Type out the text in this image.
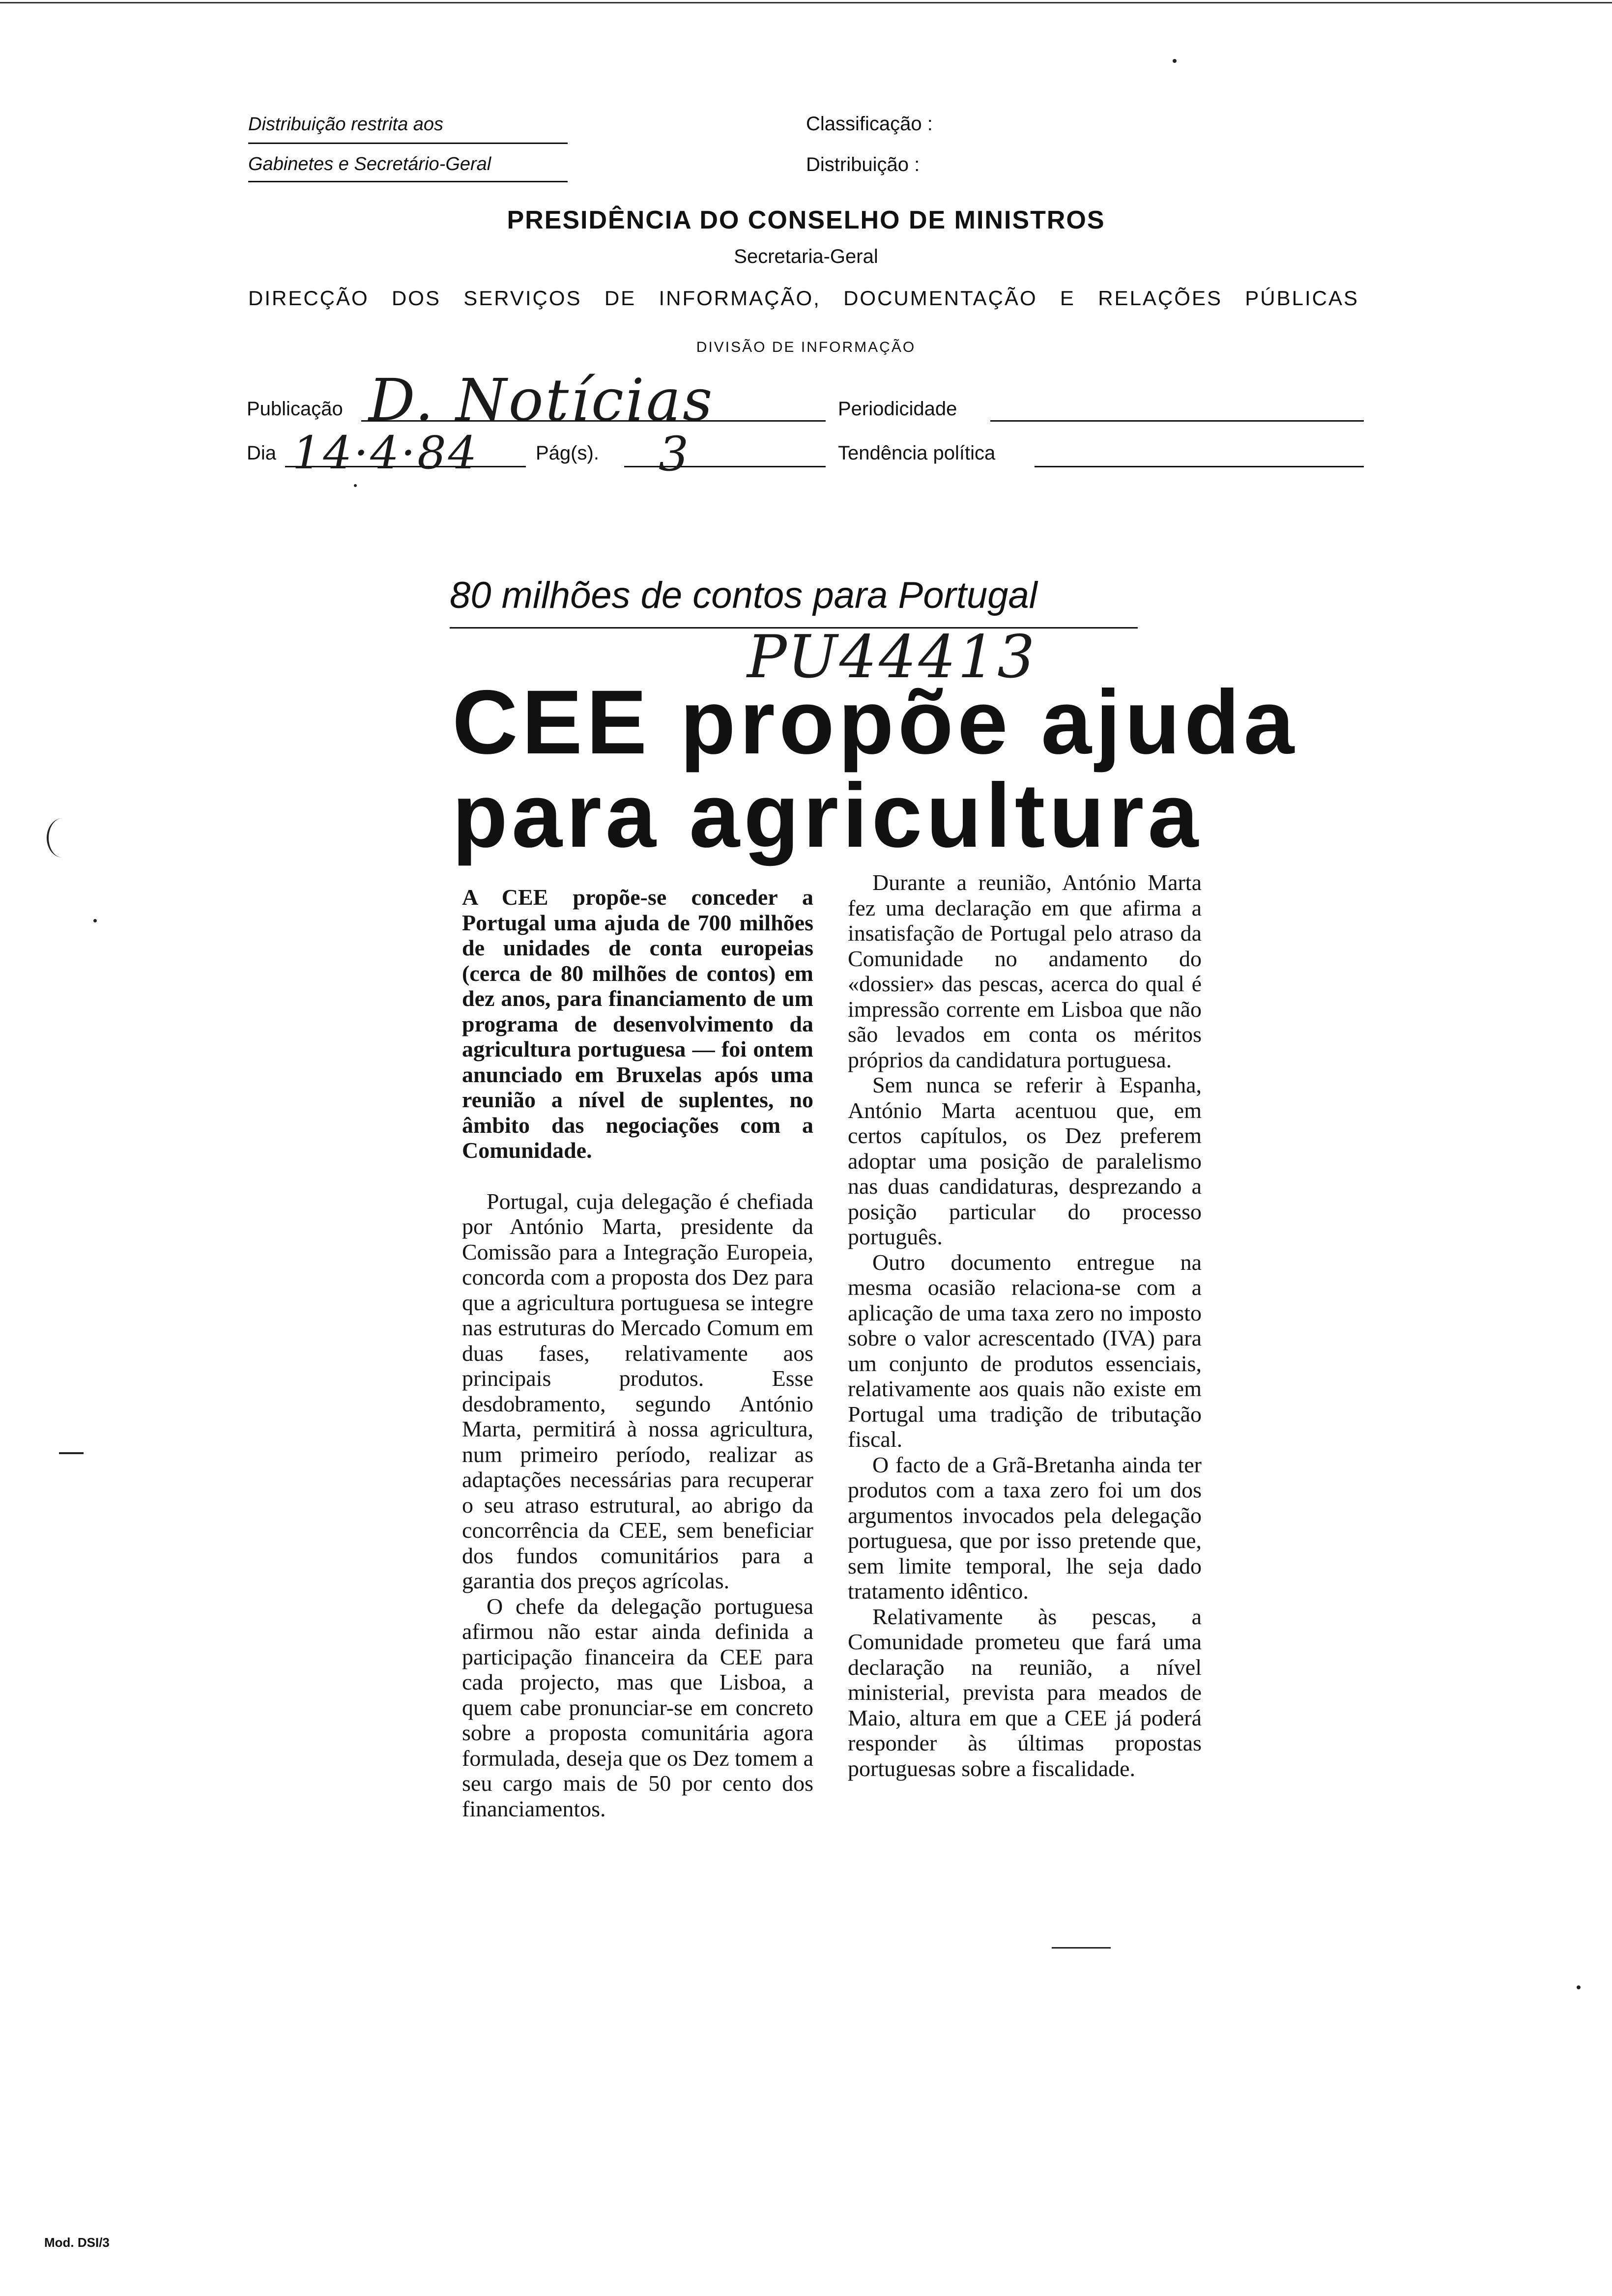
Distribuição restrita aos
Gabinetes e Secretário-Geral
Classificação :
Distribuição :
PRESIDÊNCIA DO CONSELHO DE MINISTROS
Secretaria-Geral
DIRECÇÃO DOS SERVIÇOS DE INFORMAÇÃO, DOCUMENTAÇÃO E RELAÇÕES PÚBLICAS
DIVISÃO DE INFORMAÇÃO
Publicação D. Notícias	Periodicidade
Dia 14·4·84	Pág(s). 3	Tendência política
80 milhões de contos para Portugal
PU44413
CEE propõe ajuda
para agricultura

A CEE propõe-se conceder a Portugal uma ajuda de 700 milhões de unidades de conta europeias (cerca de 80 milhões de contos) em dez anos, para financiamento de um programa de desenvolvimento da agricultura portuguesa — foi ontem anunciado em Bruxelas após uma reunião a nível de suplentes, no âmbito das negociações com a Comunidade.

Portugal, cuja delegação é chefiada por António Marta, presidente da Comissão para a Integração Europeia, concorda com a proposta dos Dez para que a agricultura portuguesa se integre nas estruturas do Mercado Comum em duas fases, relativamente aos principais produtos. Esse desdobramento, segundo António Marta, permitirá à nossa agricultura, num primeiro período, realizar as adaptações necessárias para recuperar o seu atraso estrutural, ao abrigo da concorrência da CEE, sem beneficiar dos fundos comunitários para a garantia dos preços agrícolas.

O chefe da delegação portuguesa afirmou não estar ainda definida a participação financeira da CEE para cada projecto, mas que Lisboa, a quem cabe pronunciar-se em concreto sobre a proposta comunitária agora formulada, deseja que os Dez tomem a seu cargo mais de 50 por cento dos financiamentos.

Durante a reunião, António Marta fez uma declaração em que afirma a insatisfação de Portugal pelo atraso da Comunidade no andamento do «dossier» das pescas, acerca do qual é impressão corrente em Lisboa que não são levados em conta os méritos próprios da candidatura portuguesa.

Sem nunca se referir à Espanha, António Marta acentuou que, em certos capítulos, os Dez preferem adoptar uma posição de paralelismo nas duas candidaturas, desprezando a posição particular do processo português.

Outro documento entregue na mesma ocasião relaciona-se com a aplicação de uma taxa zero no imposto sobre o valor acrescentado (IVA) para um conjunto de produtos essenciais, relativamente aos quais não existe em Portugal uma tradição de tributação fiscal.

O facto de a Grã-Bretanha ainda ter produtos com a taxa zero foi um dos argumentos invocados pela delegação portuguesa, que por isso pretende que, sem limite temporal, lhe seja dado tratamento idêntico.

Relativamente às pescas, a Comunidade prometeu que fará uma declaração na reunião, a nível ministerial, prevista para meados de Maio, altura em que a CEE já poderá responder às últimas propostas portuguesas sobre a fiscalidade.

Mod. DSI/3
